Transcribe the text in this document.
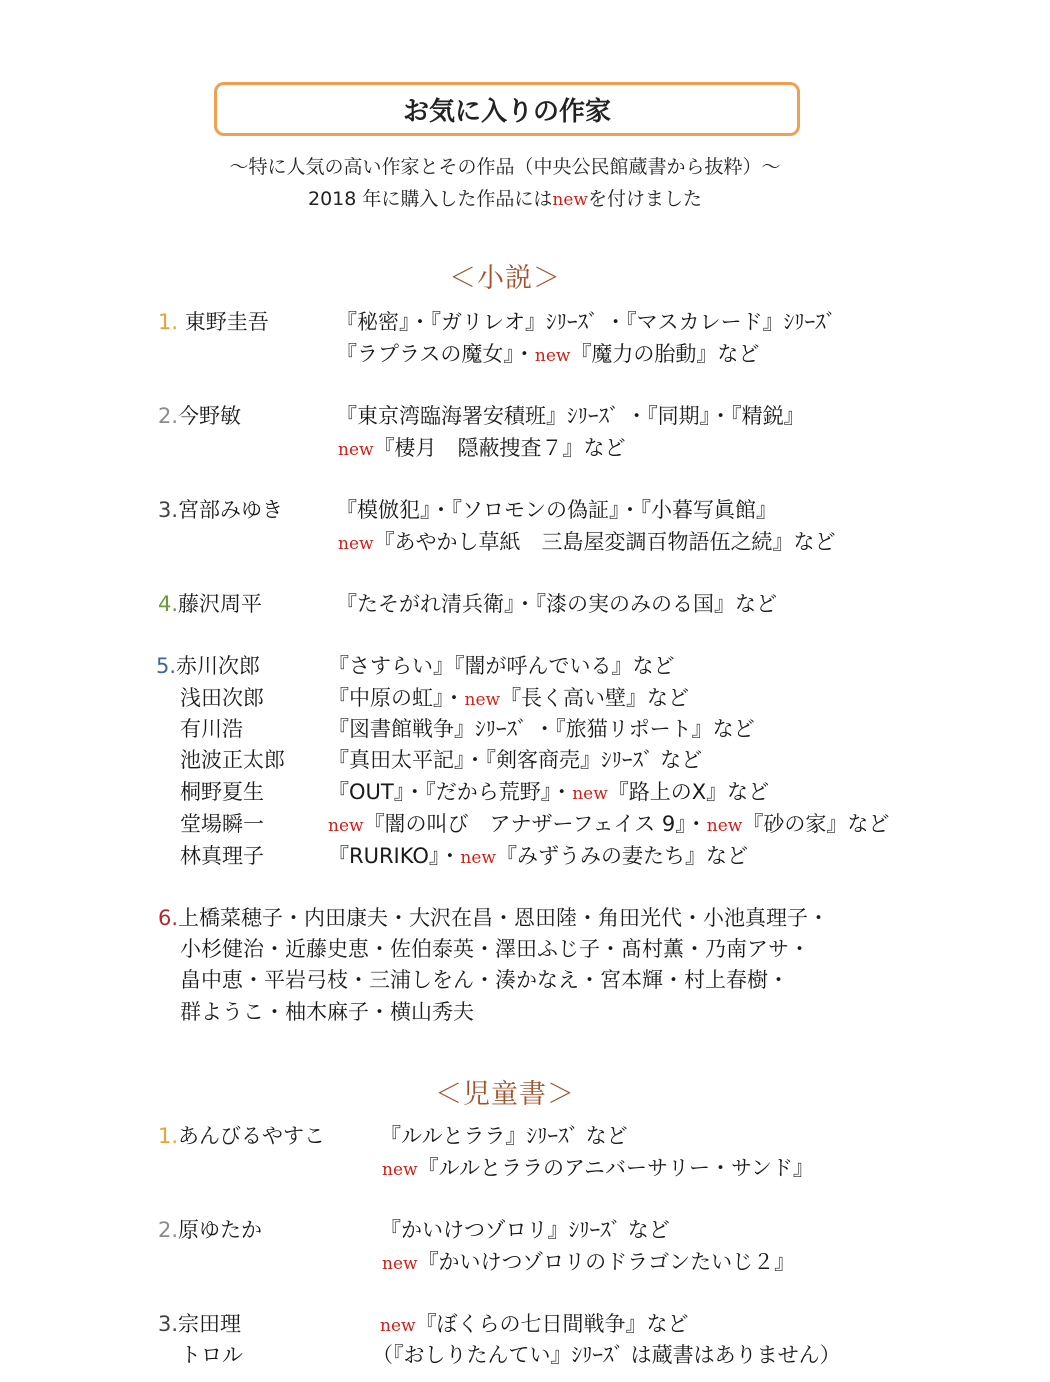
お気に入りの作家
～特に人気の高い作家とその作品（中央公民館蔵書から抜粋）～
2018 年に購入した作品にはnewを付けました
＜小説＞
1. 東野圭吾	『秘密』・『ガリレオ』ｼﾘｰｽﾞ ・『マスカレード』ｼﾘｰｽﾞ
『ラプラスの魔女』・new『魔力の胎動』など
2.今野敏	『東京湾臨海署安積班』ｼﾘｰｽﾞ ・『同期』・『精鋭』
new『棲月　隠蔽捜査７』など
3.宮部みゆき	『模倣犯』・『ソロモンの偽証』・『小暮写眞館』
new『あやかし草紙　三島屋変調百物語伍之続』など
4.藤沢周平	『たそがれ清兵衛』・『漆の実のみのる国』など
5.赤川次郎	『さすらい』『闇が呼んでいる』など
浅田次郎	『中原の虹』・new『長く高い壁』など
有川浩	『図書館戦争』ｼﾘｰｽﾞ ・『旅猫リポート』など
池波正太郎 『真田太平記』・『剣客商売』ｼﾘｰｽﾞ など
桐野夏生	『OUT』・『だから荒野』・new『路上のX』など
堂場瞬一	new『闇の叫び　アナザーフェイス 9』・new『砂の家』など
林真理子	『RURIKO』・new『みずうみの妻たち』など
6.上橋菜穂子・内田康夫・大沢在昌・恩田陸・角田光代・小池真理子・
小杉健治・近藤史恵・佐伯泰英・澤田ふじ子・髙村薫・乃南アサ・
畠中恵・平岩弓枝・三浦しをん・湊かなえ・宮本輝・村上春樹・
群ようこ・柚木麻子・横山秀夫
＜児童書＞
1.あんびるやすこ	『ルルとララ』ｼﾘｰｽﾞ など
new『ルルとララのアニバーサリー・サンド』
2.原ゆたか	『かいけつゾロリ』ｼﾘｰｽﾞ など
new『かいけつゾロリのドラゴンたいじ２』
3.宗田理	new『ぼくらの七日間戦争』など
トロル	（『おしりたんてい』ｼﾘｰｽﾞ は蔵書はありません）
